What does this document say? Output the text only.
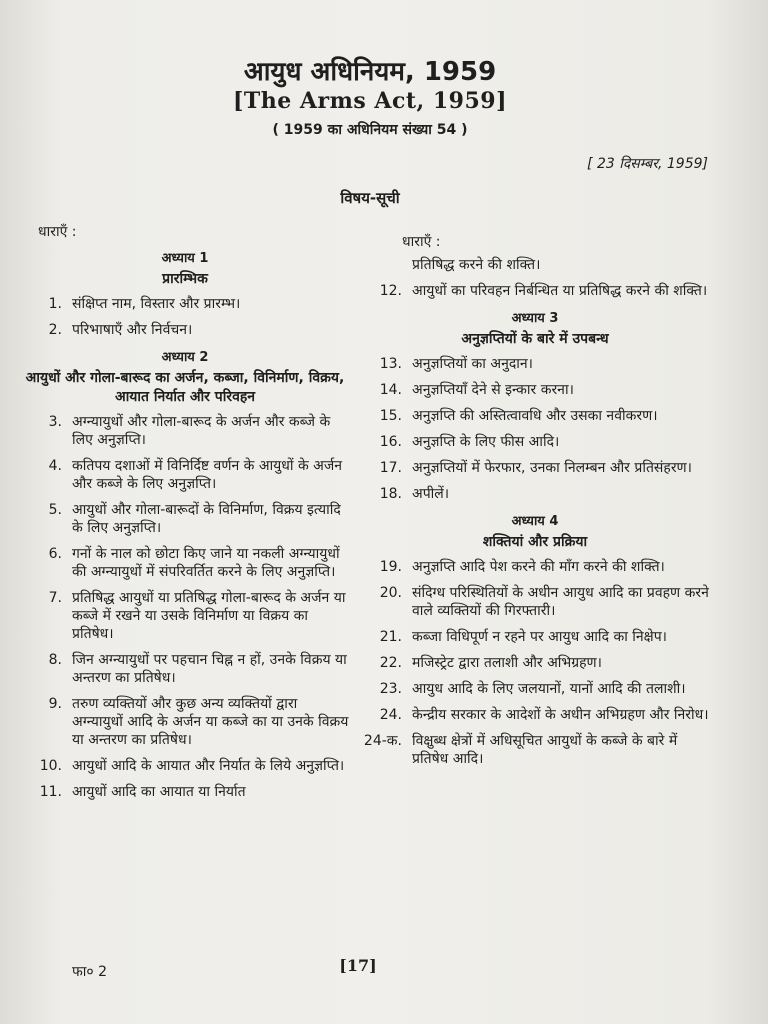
आयुध अधिनियम, 1959
[The Arms Act, 1959]
( 1959 का अधिनियम संख्या 54 )
[ 23 दिसम्बर, 1959]
विषय-सूची
धाराएँ :
धाराएँ :
अध्याय 1
प्रारम्भिक
1. संक्षिप्त नाम, विस्तार और प्रारम्भ।
2. परिभाषाएँ और निर्वचन।
अध्याय 2
आयुधों और गोला-बारूद का अर्जन, कब्जा, विनिर्माण, विक्रय, आयात निर्यात और परिवहन
3. अग्न्यायुधों और गोला-बारूद के अर्जन और कब्जे के लिए अनुज्ञप्ति।
4. कतिपय दशाओं में विनिर्दिष्ट वर्णन के आयुधों के अर्जन और कब्जे के लिए अनुज्ञप्ति।
5. आयुधों और गोला-बारूदों के विनिर्माण, विक्रय इत्यादि के लिए अनुज्ञप्ति।
6. गनों के नाल को छोटा किए जाने या नकली अग्न्यायुधों की अग्न्यायुधों में संपरिवर्तित करने के लिए अनुज्ञप्ति।
7. प्रतिषिद्ध आयुधों या प्रतिषिद्ध गोला-बारूद के अर्जन या कब्जे में रखने या उसके विनिर्माण या विक्रय का प्रतिषेध।
8. जिन अग्न्यायुधों पर पहचान चिह्न न हों, उनके विक्रय या अन्तरण का प्रतिषेध।
9. तरुण व्यक्तियों और कुछ अन्य व्यक्तियों द्वारा अग्न्यायुधों आदि के अर्जन या कब्जे का या उनके विक्रय या अन्तरण का प्रतिषेध।
10. आयुधों आदि के आयात और निर्यात के लिये अनुज्ञप्ति।
11. आयुधों आदि का आयात या निर्यात
प्रतिषिद्ध करने की शक्ति।
12. आयुधों का परिवहन निर्बन्धित या प्रतिषिद्ध करने की शक्ति।
अध्याय 3
अनुज्ञप्तियों के बारे में उपबन्ध
13. अनुज्ञप्तियों का अनुदान।
14. अनुज्ञप्तियाँ देने से इन्कार करना।
15. अनुज्ञप्ति की अस्तित्वावधि और उसका नवीकरण।
16. अनुज्ञप्ति के लिए फीस आदि।
17. अनुज्ञप्तियों में फेरफार, उनका निलम्बन और प्रतिसंहरण।
18. अपीलें।
अध्याय 4
शक्तियां और प्रक्रिया
19. अनुज्ञप्ति आदि पेश करने की माँग करने की शक्ति।
20. संदिग्ध परिस्थितियों के अधीन आयुध आदि का प्रवहण करने वाले व्यक्तियों की गिरफ्तारी।
21. कब्जा विधिपूर्ण न रहने पर आयुध आदि का निक्षेप।
22. मजिस्ट्रेट द्वारा तलाशी और अभिग्रहण।
23. आयुध आदि के लिए जलयानों, यानों आदि की तलाशी।
24. केन्द्रीय सरकार के आदेशों के अधीन अभिग्रहण और निरोध।
24-क. विक्षुब्ध क्षेत्रों में अधिसूचित आयुधों के कब्जे के बारे में प्रतिषेध आदि।
फा० 2	[17]
